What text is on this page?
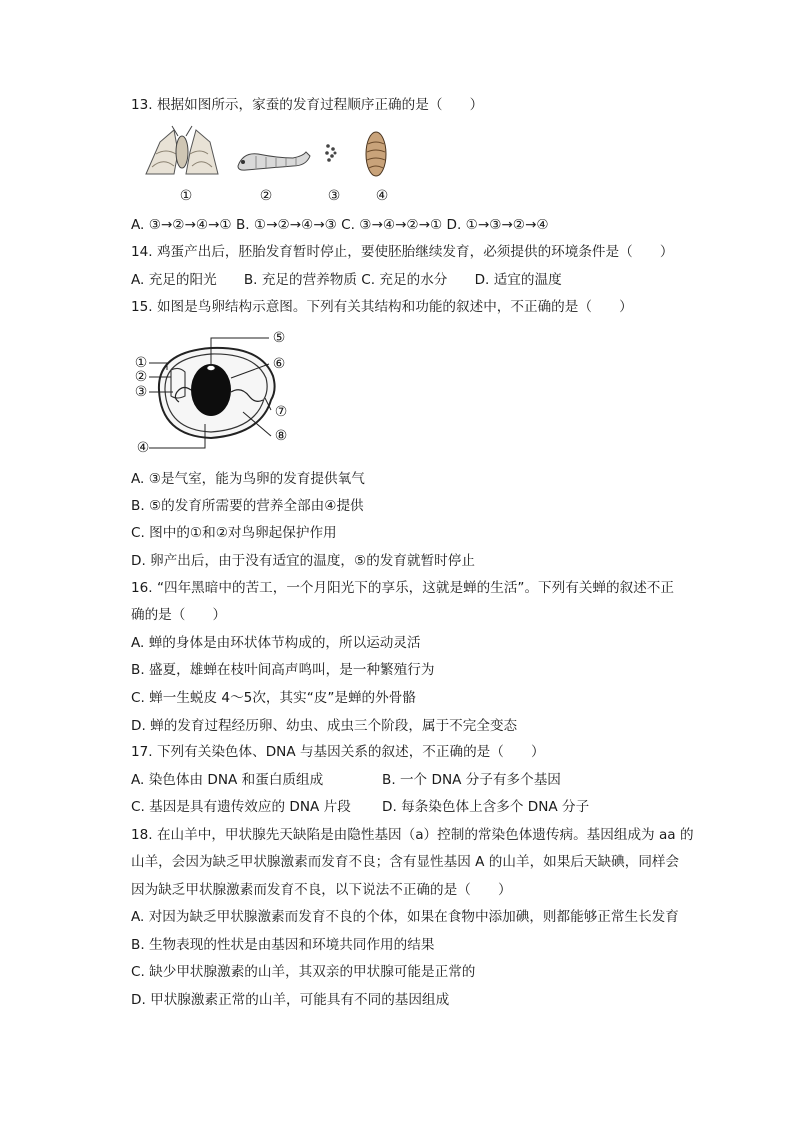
13. 根据如图所示，家蚕的发育过程顺序正确的是（　　）
①	②	③	④
A. ③→②→④→① B. ①→②→④→③ C. ③→④→②→① D. ①→③→②→④
14. 鸡蛋产出后，胚胎发育暂时停止，要使胚胎继续发育，必须提供的环境条件是（　　）
A. 充足的阳光　　B. 充足的营养物质 C. 充足的水分　　D. 适宜的温度
15. 如图是鸟卵结构示意图。下列有关其结构和功能的叙述中，不正确的是（　　）
①
②
③
④
⑤
⑥
⑦
⑧
A. ③是气室，能为鸟卵的发育提供氧气
B. ⑤的发育所需要的营养全部由④提供
C. 图中的①和②对鸟卵起保护作用
D. 卵产出后，由于没有适宜的温度，⑤的发育就暂时停止
16. “四年黑暗中的苦工，一个月阳光下的享乐，这就是蝉的生活”。下列有关蝉的叙述不正
确的是（　　）
A. 蝉的身体是由环状体节构成的，所以运动灵活
B. 盛夏，雄蝉在枝叶间高声鸣叫，是一种繁殖行为
C. 蝉一生蜕皮 4～5次，其实“皮”是蝉的外骨骼
D. 蝉的发育过程经历卵、幼虫、成虫三个阶段，属于不完全变态
17. 下列有关染色体、DNA 与基因关系的叙述，不正确的是（　　）
A. 染色体由 DNA 和蛋白质组成	B. 一个 DNA 分子有多个基因
C. 基因是具有遗传效应的 DNA 片段 D. 每条染色体上含多个 DNA 分子
18. 在山羊中，甲状腺先天缺陷是由隐性基因（a）控制的常染色体遗传病。基因组成为 aa 的
山羊，会因为缺乏甲状腺激素而发育不良；含有显性基因 A 的山羊，如果后天缺碘，同样会
因为缺乏甲状腺激素而发育不良，以下说法不正确的是（　　）
A. 对因为缺乏甲状腺激素而发育不良的个体，如果在食物中添加碘，则都能够正常生长发育
B. 生物表现的性状是由基因和环境共同作用的结果
C. 缺少甲状腺激素的山羊，其双亲的甲状腺可能是正常的
D. 甲状腺激素正常的山羊，可能具有不同的基因组成
